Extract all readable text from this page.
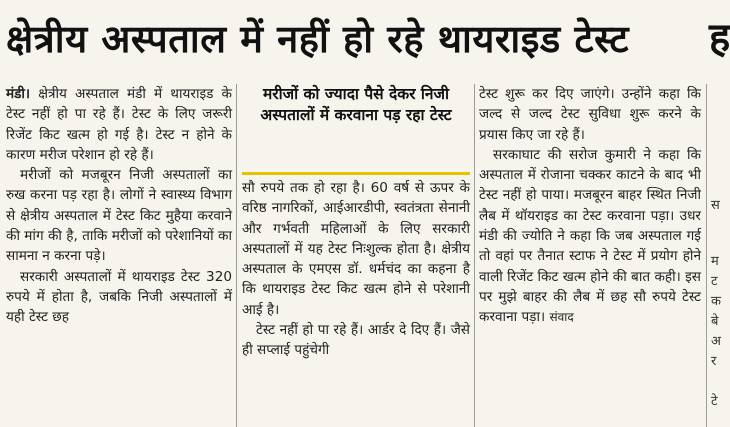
क्षेत्रीय अस्पताल में नहीं हो रहे थायराइड टेस्ट	ह

मंडी। क्षेत्रीय अस्पताल मंडी में थायराइड के टेस्ट नहीं हो पा रहे हैं। टेस्ट के लिए जरूरी रिजेंट किट खत्म हो गई है। टेस्ट न होने के कारण मरीज परेशान हो रहे हैं।

मरीजों को मजबूरन निजी अस्पतालों का रुख करना पड़ रहा है। लोगों ने स्वास्थ्य विभाग से क्षेत्रीय अस्पताल में टेस्ट किट मुहैया करवाने की मांग की है, ताकि मरीजों को परेशानियों का सामना न करना पड़े।

सरकारी अस्पतालों में थायराइड टेस्ट 320 रुपये में होता है, जबकि निजी अस्पतालों में यही टेस्ट छह

मरीजों को ज्यादा पैसे देकर निजी अस्पतालों में करवाना पड़ रहा टेस्ट

सौ रुपये तक हो रहा है। 60 वर्ष से ऊपर के वरिष्ठ नागरिकों, आईआरडीपी, स्वतंत्रता सेनानी और गर्भवती महिलाओं के लिए सरकारी अस्पतालों में यह टेस्ट निःशुल्क होता है। क्षेत्रीय अस्पताल के एमएस डॉ. धर्मचंद का कहना है कि थायराइड टेस्ट किट खत्म होने से परेशानी आई है।

टेस्ट नहीं हो पा रहे हैं। आर्डर दे दिए हैं। जैसे ही सप्लाई पहुंचेगी

टेस्ट शुरू कर दिए जाएंगे। उन्होंने कहा कि जल्द से जल्द टेस्ट सुविधा शुरू करने के प्रयास किए जा रहे हैं।

सरकाघाट की सरोज कुमारी ने कहा कि अस्पताल में रोजाना चक्कर काटने के बाद भी टेस्ट नहीं हो पाया। मजबूरन बाहर स्थित निजी लैब में थॉयराइड का टेस्ट करवाना पड़ा। उधर मंडी की ज्योति ने कहा कि जब अस्पताल गई तो वहां पर तैनात स्टाफ ने टेस्ट में प्रयोग होने वाली रिजेंट किट खत्म होने की बात कही। इस पर मुझे बाहर की लैब में छह सौ रुपये टेस्ट करवाना पड़ा। संवाद

स
म
ट
क
बे
अ
र
टे
